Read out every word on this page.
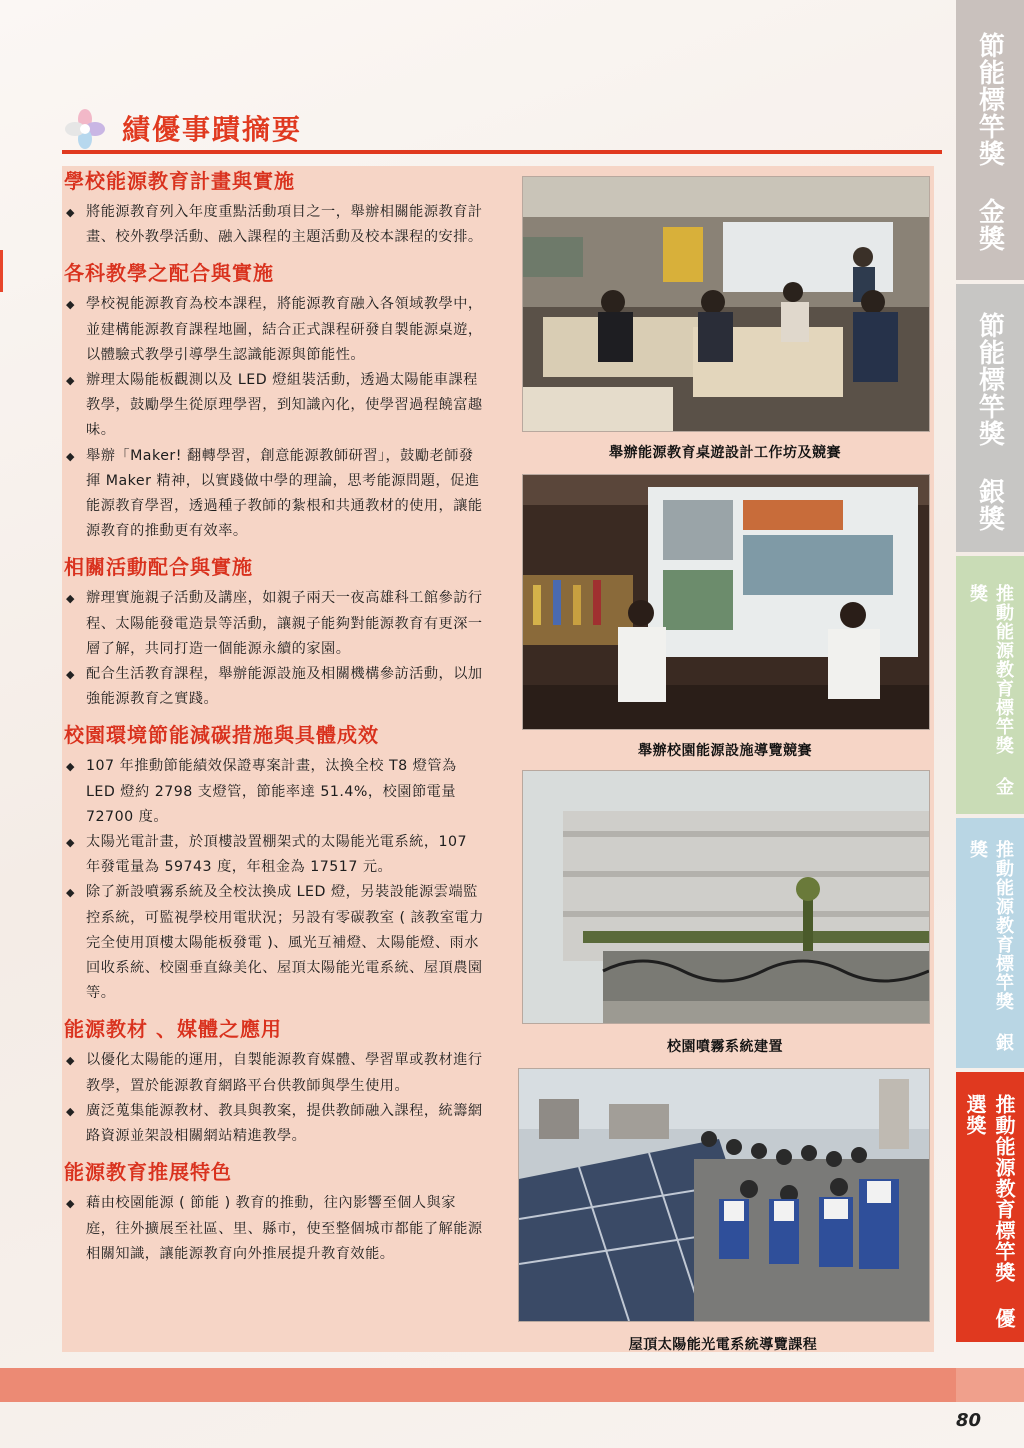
績優事蹟摘要
學校能源教育計畫與實施
◆ 將能源教育列入年度重點活動項目之一，舉辦相關能源教育計畫、校外教學活動、融入課程的主題活動及校本課程的安排。
各科教學之配合與實施
◆ 學校視能源教育為校本課程，將能源教育融入各領域教學中，並建構能源教育課程地圖，結合正式課程研發自製能源桌遊，以體驗式教學引導學生認識能源與節能性。
◆ 辦理太陽能板觀測以及 LED 燈組裝活動，透過太陽能車課程教學，鼓勵學生從原理學習，到知識內化，使學習過程饒富趣味。
◆ 舉辦「Maker! 翻轉學習，創意能源教師研習」，鼓勵老師發揮 Maker 精神，以實踐做中學的理論，思考能源問題，促進能源教育學習，透過種子教師的紮根和共通教材的使用，讓能源教育的推動更有效率。
相關活動配合與實施
◆ 辦理實施親子活動及講座，如親子兩天一夜高雄科工館參訪行程、太陽能發電造景等活動，讓親子能夠對能源教育有更深一層了解，共同打造一個能源永續的家園。
◆ 配合生活教育課程，舉辦能源設施及相關機構參訪活動，以加強能源教育之實踐。
校園環境節能減碳措施與具體成效
◆ 107 年推動節能績效保證專案計畫，汰換全校 T8 燈管為 LED 燈約 2798 支燈管，節能率達 51.4%，校園節電量 72700 度。
◆ 太陽光電計畫，於頂樓設置棚架式的太陽能光電系統，107 年發電量為 59743 度，年租金為 17517 元。
◆ 除了新設噴霧系統及全校汰換成 LED 燈，另裝設能源雲端監控系統，可監視學校用電狀況；另設有零碳教室 ( 該教室電力完全使用頂樓太陽能板發電 )、風光互補燈、太陽能燈、雨水回收系統、校園垂直綠美化、屋頂太陽能光電系統、屋頂農園等。
能源教材 、媒體之應用
◆ 以優化太陽能的運用，自製能源教育媒體、學習單或教材進行教學，置於能源教育網路平台供教師與學生使用。
◆ 廣泛蒐集能源教材、教具與教案，提供教師融入課程，統籌網路資源並架設相關網站精進教學。
能源教育推展特色
◆ 藉由校園能源 ( 節能 ) 教育的推動，往內影響至個人與家庭，往外擴展至社區、里、縣市，使至整個城市都能了解能源相關知識，讓能源教育向外推展提升教育效能。
舉辦能源教育桌遊設計工作坊及競賽
舉辦校園能源設施導覽競賽
校園噴霧系統建置
屋頂太陽能光電系統導覽課程
節能標竿獎 金獎
節能標竿獎 銀獎
推動能源教育標竿獎 金獎
推動能源教育標竿獎 銀獎
推動能源教育標竿獎 優選獎
80
